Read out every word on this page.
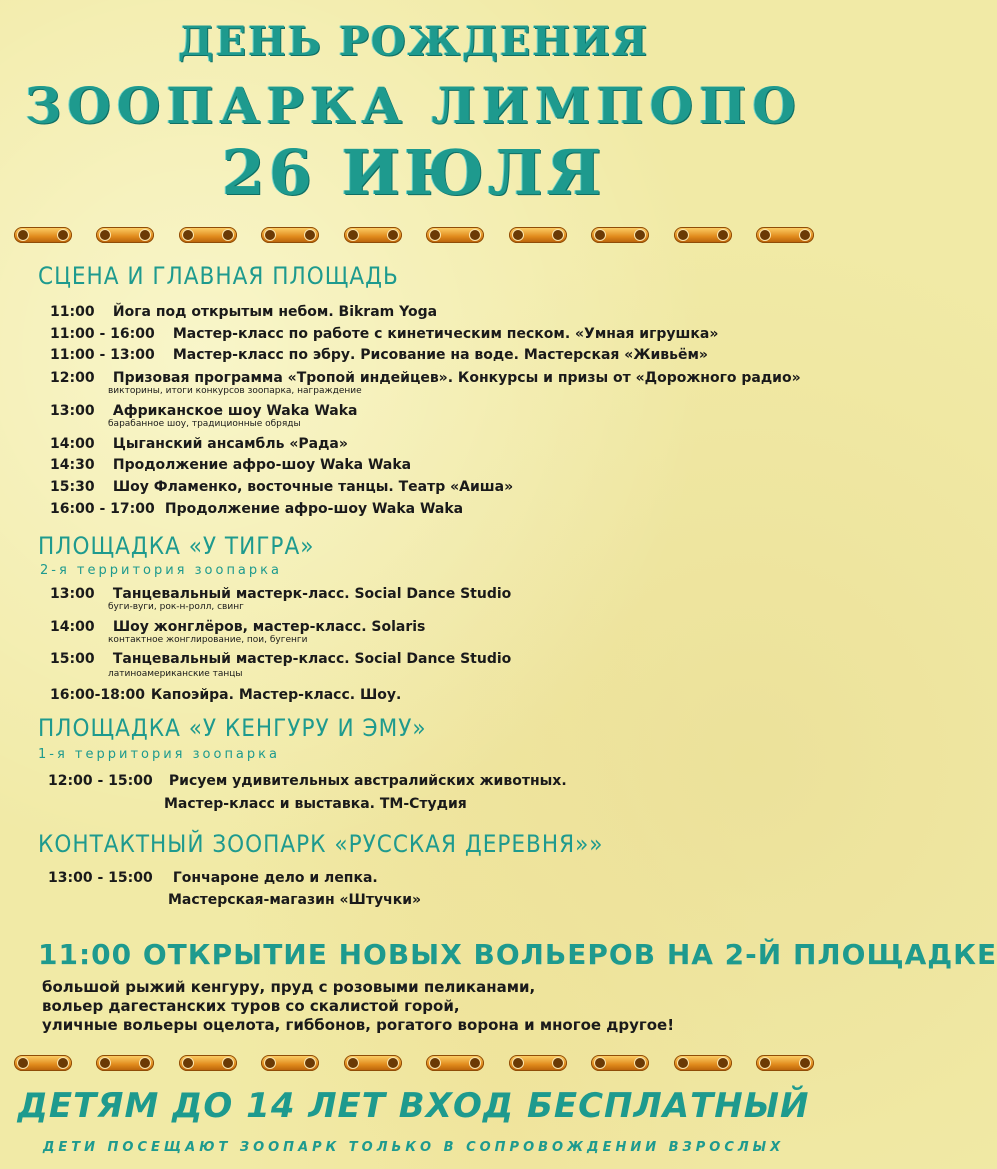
ДЕНЬ РОЖДЕНИЯ
ЗООПАРКА ЛИМПОПО
26 ИЮЛЯ
СЦЕНА И ГЛАВНАЯ ПЛОЩАДЬ
11:00 Йога под открытым небом. Bikram Yoga
11:00 - 16:00 Мастер-класс по работе с кинетическим песком. «Умная игрушка»
11:00 - 13:00 Мастер-класс по эбру. Рисование на воде. Мастерская «Живьём»
12:00 Призовая программа «Тропой индейцев». Конкурсы и призы от «Дорожного радио»
викторины, итоги конкурсов зоопарка, награждение
13:00 Африканское шоу Waka Waka
барабанное шоу, традиционные обряды
14:00 Цыганский ансамбль «Рада»
14:30 Продолжение афро-шоу Waka Waka
15:30 Шоу Фламенко, восточные танцы. Театр «Аиша»
16:00 - 17:00 Продолжение афро-шоу Waka Waka
ПЛОЩАДКА «У ТИГРА»
2-я территория зоопарка
13:00 Танцевальный мастерк-ласс. Social Dance Studio
буги-вуги, рок-н-ролл, свинг
14:00 Шоу жонглёров, мастер-класс. Solaris
контактное жонглирование, пои, бугенги
15:00 Танцевальный мастер-класс. Social Dance Studio
латиноамериканские танцы
16:00-18:00 Капоэйра. Мастер-класс. Шоу.
ПЛОЩАДКА «У КЕНГУРУ И ЭМУ»
1-я территория зоопарка
12:00 - 15:00 Рисуем удивительных австралийских животных.
Мастер-класс и выставка. ТМ-Студия
КОНТАКТНЫЙ ЗООПАРК «РУССКАЯ ДЕРЕВНЯ»»
13:00 - 15:00 Гончароне дело и лепка.
Мастерская-магазин «Штучки»
11:00 ОТКРЫТИЕ НОВЫХ ВОЛЬЕРОВ НА 2-Й ПЛОЩАДКЕ
большой рыжий кенгуру, пруд с розовыми пеликанами,
вольер дагестанских туров со скалистой горой,
уличные вольеры оцелота, гиббонов, рогатого ворона и многое другое!
ДЕТЯМ ДО 14 ЛЕТ ВХОД БЕСПЛАТНЫЙ
ДЕТИ ПОСЕЩАЮТ ЗООПАРК ТОЛЬКО В СОПРОВОЖДЕНИИ ВЗРОСЛЫХ
